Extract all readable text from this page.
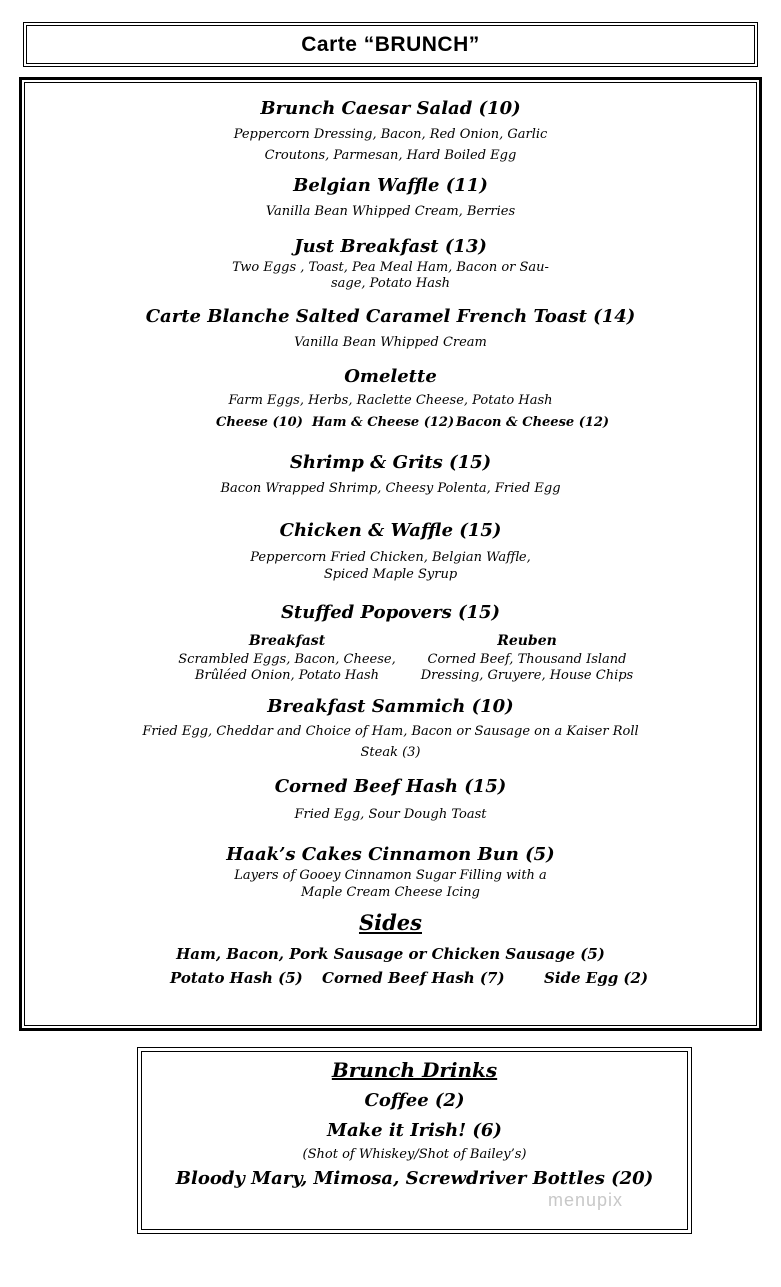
Carte “BRUNCH”
Brunch Caesar Salad (10)
Peppercorn Dressing, Bacon, Red Onion, Garlic
Croutons, Parmesan, Hard Boiled Egg
Belgian Waffle (11)
Vanilla Bean Whipped Cream, Berries
Just Breakfast (13)
Two Eggs , Toast, Pea Meal Ham, Bacon or Sau-
sage, Potato Hash
Carte Blanche Salted Caramel French Toast (14)
Vanilla Bean Whipped Cream
Omelette
Farm Eggs, Herbs, Raclette Cheese, Potato Hash
Cheese (10) Ham & Cheese (12) Bacon & Cheese (12)
Shrimp & Grits (15)
Bacon Wrapped Shrimp, Cheesy Polenta, Fried Egg
Chicken & Waffle (15)
Peppercorn Fried Chicken, Belgian Waffle,
Spiced Maple Syrup
Stuffed Popovers (15)
Breakfast
Scrambled Eggs, Bacon, Cheese,
Brûléed Onion, Potato Hash
Reuben
Corned Beef, Thousand Island
Dressing, Gruyere, House Chips
Breakfast Sammich (10)
Fried Egg, Cheddar and Choice of Ham, Bacon or Sausage on a Kaiser Roll
Steak (3)
Corned Beef Hash (15)
Fried Egg, Sour Dough Toast
Haak’s Cakes Cinnamon Bun (5)
Layers of Gooey Cinnamon Sugar Filling with a
Maple Cream Cheese Icing
Sides
Ham, Bacon, Pork Sausage or Chicken Sausage (5)
Potato Hash (5) Corned Beef Hash (7)	Side Egg (2)
Brunch Drinks
Coffee (2)
Make it Irish! (6)
(Shot of Whiskey/Shot of Bailey’s)
Bloody Mary, Mimosa, Screwdriver Bottles (20)
menupix
